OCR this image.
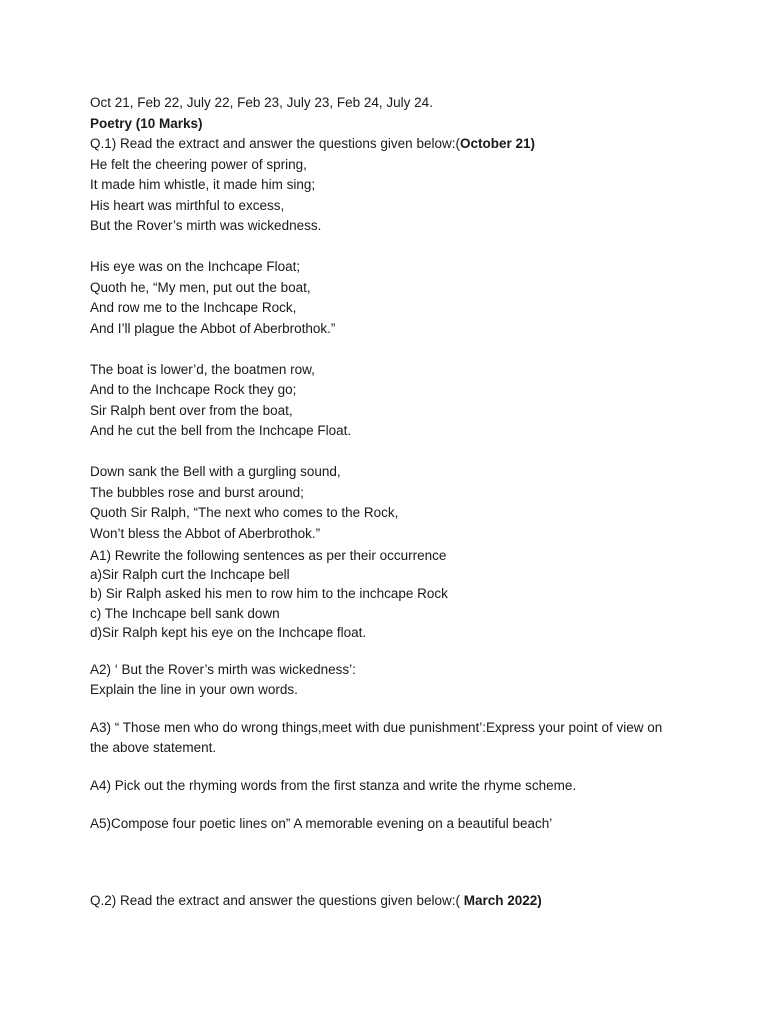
Oct 21, Feb 22, July 22, Feb 23, July 23, Feb 24, July 24.
Poetry (10 Marks)
Q.1) Read the extract and answer the questions given below:(October 21)
He felt the cheering power of spring,
It made him whistle, it made him sing;
His heart was mirthful to excess,
But the Rover’s mirth was wickedness.
His eye was on the Inchcape Float;
Quoth he, “My men, put out the boat,
And row me to the Inchcape Rock,
And I’ll plague the Abbot of Aberbrothok.”
The boat is lower’d, the boatmen row,
And to the Inchcape Rock they go;
Sir Ralph bent over from the boat,
And he cut the bell from the Inchcape Float.
Down sank the Bell with a gurgling sound,
The bubbles rose and burst around;
Quoth Sir Ralph, “The next who comes to the Rock,
Won’t bless the Abbot of Aberbrothok.”
A1) Rewrite the following sentences as per their occurrence
a)Sir Ralph curt the Inchcape bell
b) Sir Ralph asked his men to row him to the inchcape Rock
c) The Inchcape bell sank down
d)Sir Ralph kept his eye on the Inchcape float.
A2) ‘ But the Rover’s mirth was wickedness’:
Explain the line in your own words.
A3) “ Those men who do wrong things,meet with due punishment’:Express your point of view on the above statement.
A4) Pick out the rhyming words from the first stanza and write the rhyme scheme.
A5)Compose four poetic lines on” A memorable evening on a beautiful beach’
Q.2) Read the extract and answer the questions given below:( March 2022)
